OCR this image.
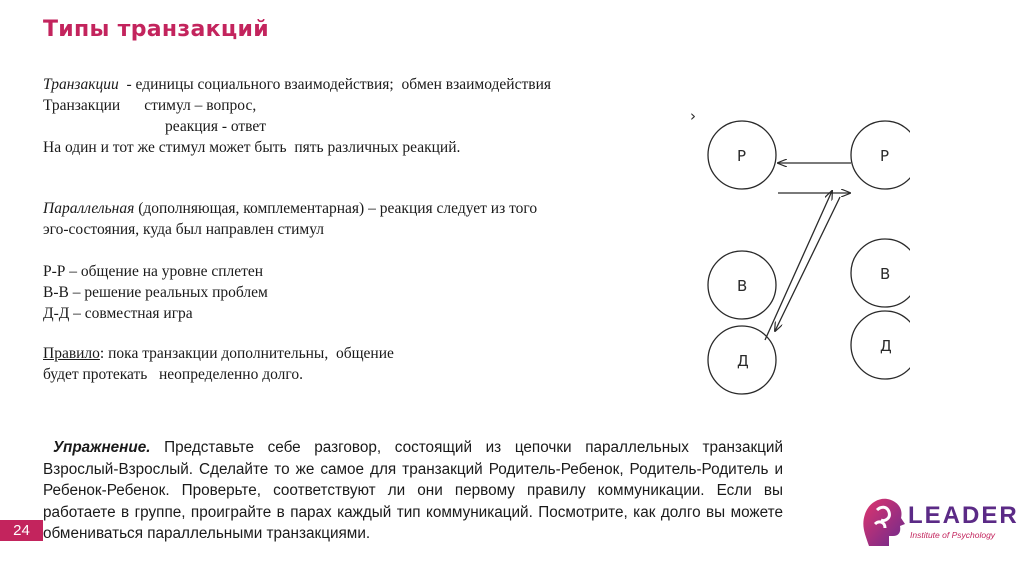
Типы транзакций
Транзакции  - единицы социального взаимодействия;  обмен взаимодействия
Транзакции стимул – вопрос,
реакция - ответ
На один и тот же стимул может быть  пять различных реакций.
Параллельная (дополняющая, комплементарная) – реакция следует из того
эго-состояния, куда был направлен стимул
Р-Р – общение на уровне сплетен
В-В – решение реальных проблем
Д-Д – совместная игра
Правило: пока транзакции дополнительны,  общение
будет протекать   неопределенно долго.
›
Р
В
Д
Р
В
Д
Упражнение. Представьте себе разговор, состоящий из цепочки параллельных транзакций Взрослый-Взрослый. Сделайте то же самое для транзакций Родитель-Ребенок, Родитель-Родитель и Ребенок-Ребенок. Проверьте, соответствуют ли они первому правилу коммуникации. Если вы работаете в группе, проиграйте в парах каждый тип коммуникаций. Посмотрите, как долго вы можете обмениваться параллельными транзакциями.
24
LEADER
Institute of Psychology
